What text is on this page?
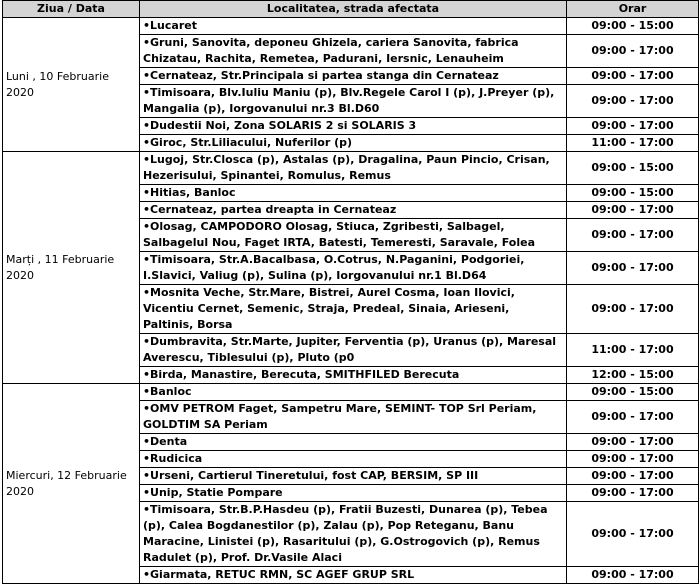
Ziua / Data	Localitatea, strada afectata	Orar
Luni , 10 Februarie 2020	•Lucaret	09:00 - 15:00
	•Gruni, Sanovita, deponeu Ghizela, cariera Sanovita, fabrica Chizatau, Rachita, Remetea, Padurani, Iersnic, Lenauheim	09:00 - 17:00
	•Cernateaz, Str.Principala si partea stanga din Cernateaz	09:00 - 17:00
	•Timisoara, Blv.Iuliu Maniu (p), Blv.Regele Carol I (p), J.Preyer (p), Mangalia (p), Iorgovanului nr.3 Bl.D60	09:00 - 17:00
	•Dudestii Noi, Zona SOLARIS 2 si SOLARIS 3	09:00 - 17:00
	•Giroc, Str.Liliacului, Nuferilor (p)	11:00 - 17:00
Marți , 11 Februarie 2020	•Lugoj, Str.Closca (p), Astalas (p), Dragalina, Paun Pincio, Crisan, Hezerisului, Spinantei, Romulus, Remus	09:00 - 15:00
	•Hitias, Banloc	09:00 - 15:00
	•Cernateaz, partea dreapta in Cernateaz	09:00 - 17:00
	•Olosag, CAMPODORO Olosag, Stiuca, Zgribesti, Salbagel, Salbagelul Nou, Faget IRTA, Batesti, Temeresti, Saravale, Folea	09:00 - 17:00
	•Timisoara, Str.A.Bacalbasa, O.Cotrus, N.Paganini, Podgoriei, I.Slavici, Valiug (p), Sulina (p), Iorgovanului nr.1 Bl.D64	09:00 - 17:00
	•Mosnita Veche, Str.Mare, Bistrei, Aurel Cosma, Ioan Ilovici, Vicentiu Cernet, Semenic, Straja, Predeal, Sinaia, Arieseni, Paltinis, Borsa	09:00 - 17:00
	•Dumbravita, Str.Marte, Jupiter, Ferventia (p), Uranus (p), Maresal Averescu, Tiblesului (p), Pluto (p0	11:00 - 17:00
	•Birda, Manastire, Berecuta, SMITHFILED Berecuta	12:00 - 15:00
Miercuri, 12 Februarie 2020	•Banloc	09:00 - 15:00
	•OMV PETROM Faget, Sampetru Mare, SEMINT- TOP Srl Periam, GOLDTIM SA Periam	09:00 - 17:00
	•Denta	09:00 - 17:00
	•Rudicica	09:00 - 17:00
	•Urseni, Cartierul Tineretului, fost CAP, BERSIM, SP III	09:00 - 17:00
	•Unip, Statie Pompare	09:00 - 17:00
	•Timisoara, Str.B.P.Hasdeu (p), Fratii Buzesti, Dunarea (p), Tebea (p), Calea Bogdanestilor (p), Zalau (p), Pop Reteganu, Banu Maracine, Linistei (p), Rasaritului (p), G.Ostrogovich (p), Remus Radulet (p), Prof. Dr.Vasile Alaci	09:00 - 17:00
	•Giarmata, RETUC RMN, SC AGEF GRUP SRL	09:00 - 17:00
